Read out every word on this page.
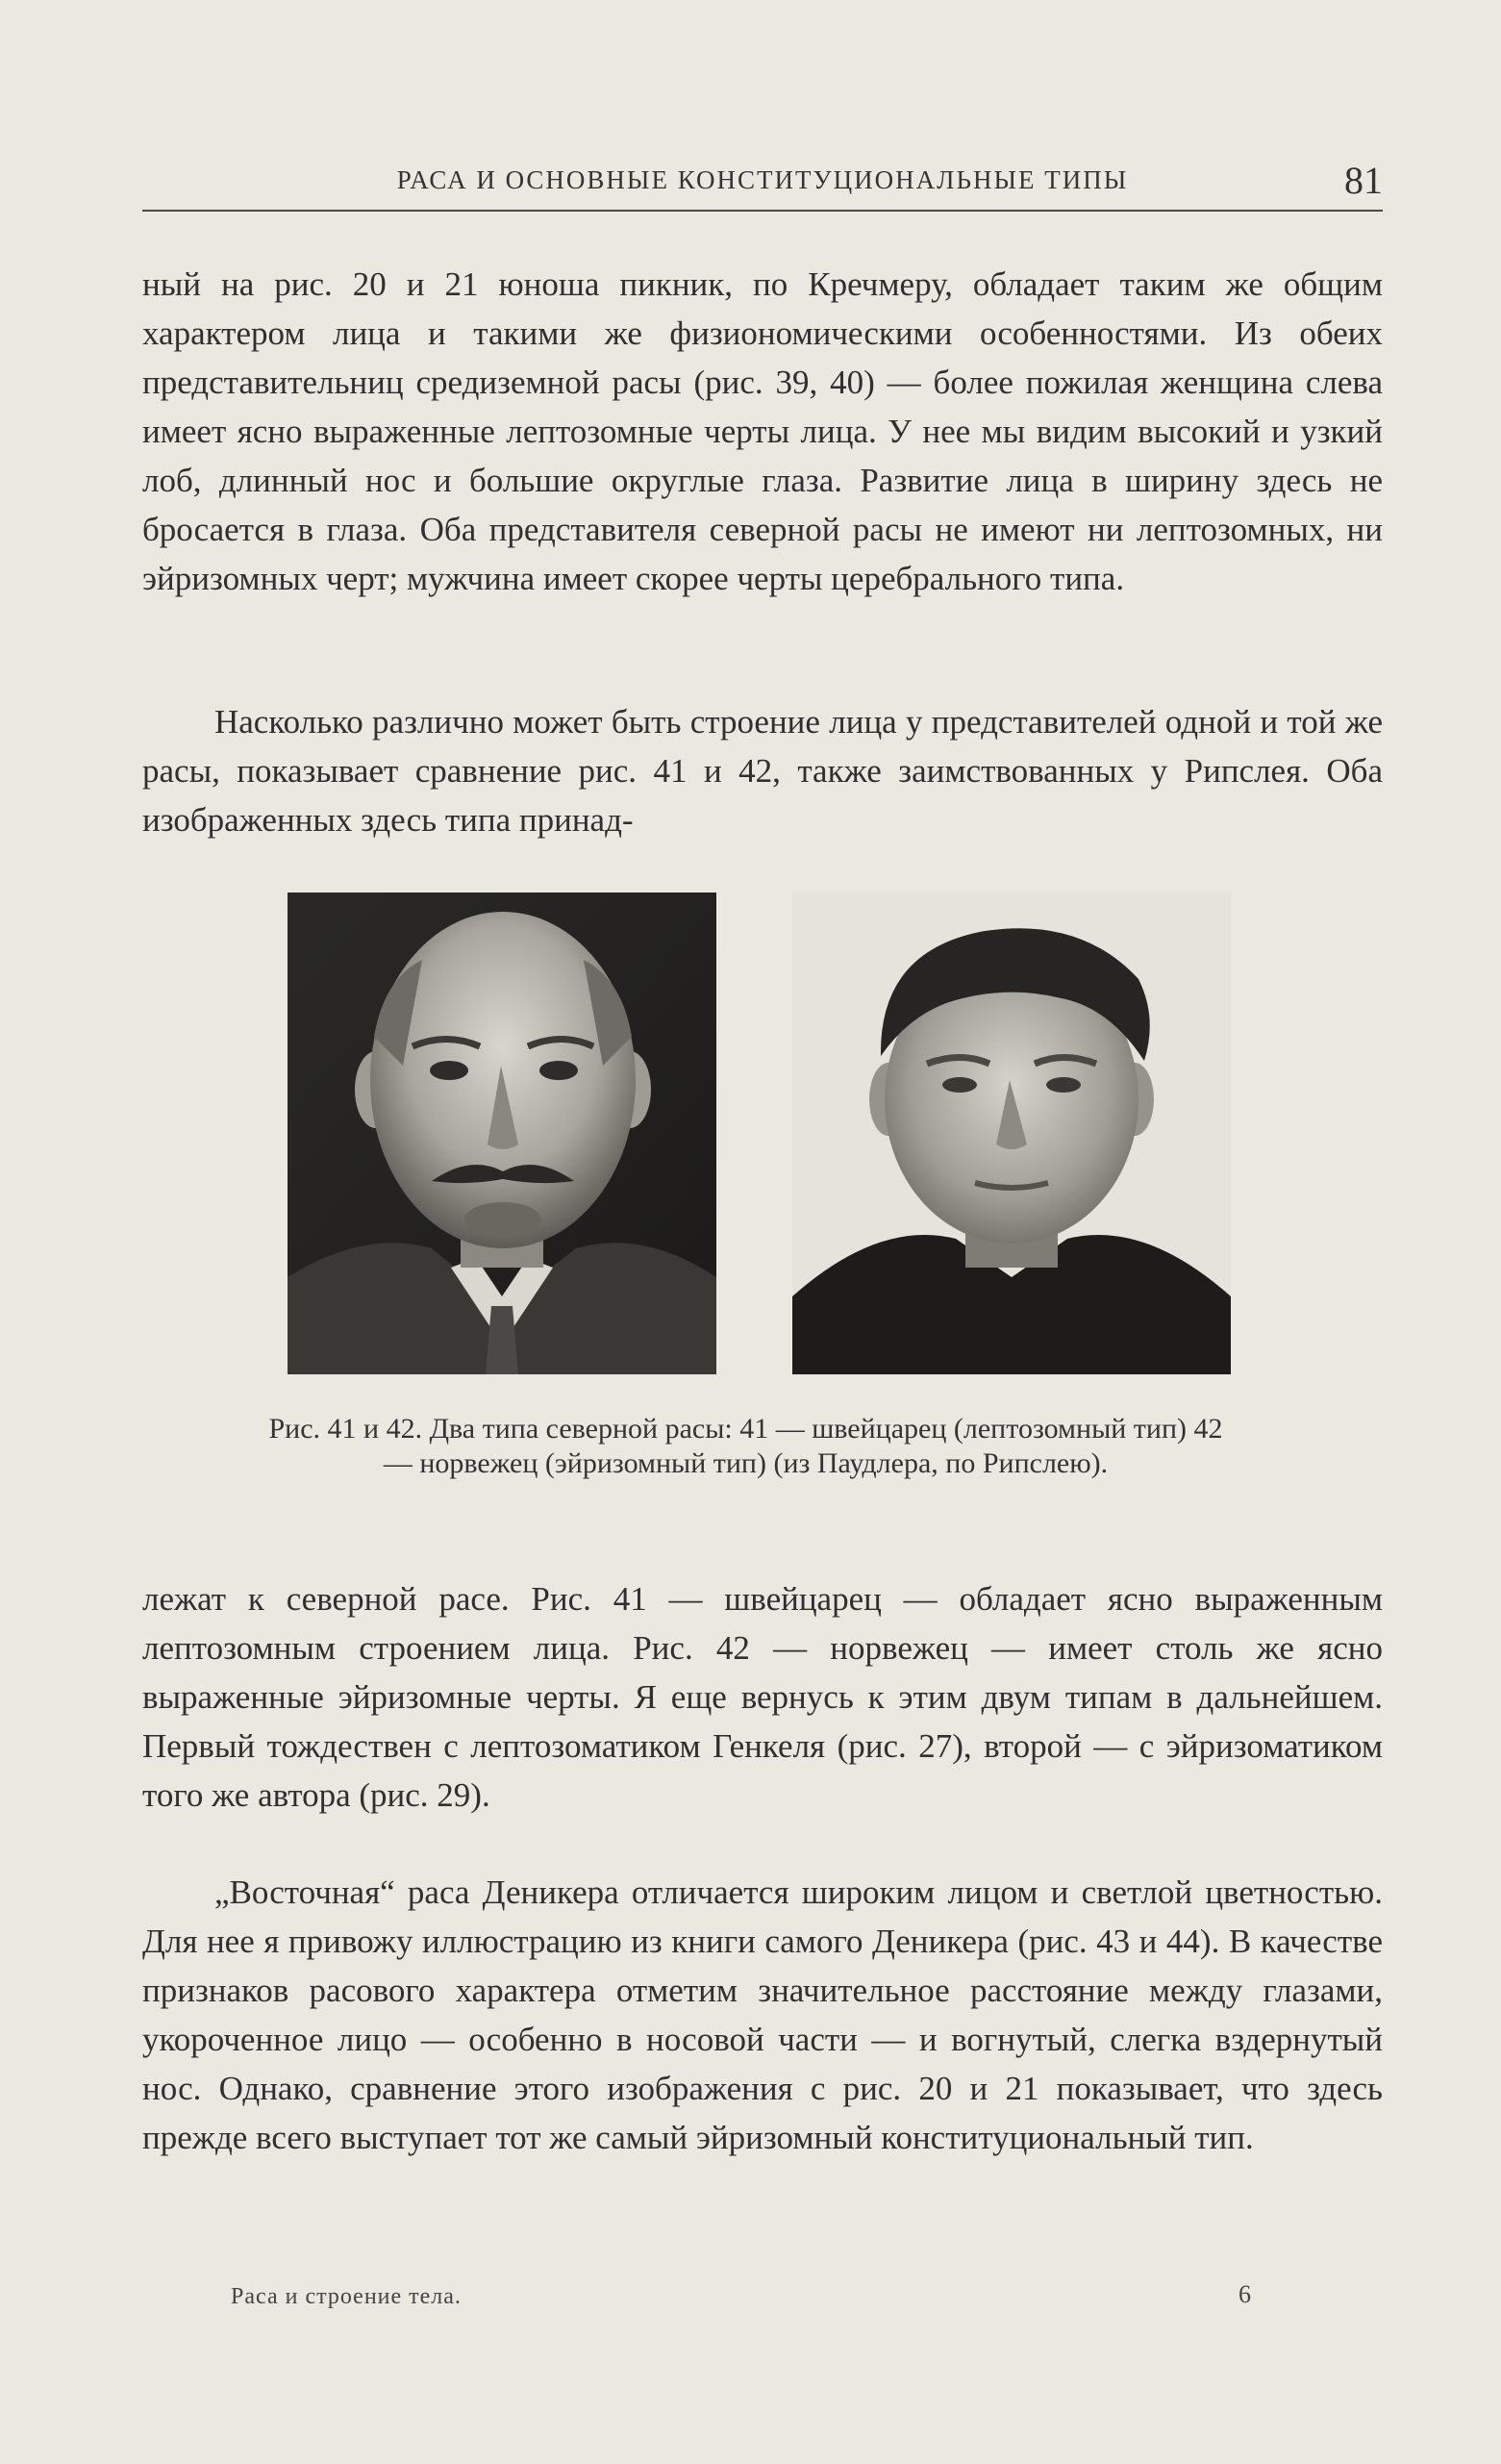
РАСА И ОСНОВНЫЕ КОНСТИТУЦИОНАЛЬНЫЕ ТИПЫ	81

ный на рис. 20 и 21 юноша пикник, по Кречмеру, обладает таким же общим характером лица и такими же физиономическими особенностями. Из обеих представительниц средиземной расы (рис. 39, 40) — более пожилая женщина слева имеет ясно выраженные лептозомные черты лица. У нее мы видим высокий и узкий лоб, длинный нос и большие округлые глаза. Развитие лица в ширину здесь не бросается в глаза. Оба представителя северной расы не имеют ни лептозомных, ни эйризомных черт; мужчина имеет скорее черты церебрального типа.

Насколько различно может быть строение лица у представителей одной и той же расы, показывает сравнение рис. 41 и 42, также заимствованных у Рипслея. Оба изображенных здесь типа принад-

Рис. 41 и 42. Два типа северной расы: 41 — швейцарец (лептозомный тип) 42 — норвежец (эйризомный тип) (из Паудлера, по Рипслею).

лежат к северной расе. Рис. 41 — швейцарец — обладает ясно выраженным лептозомным строением лица. Рис. 42 — норвежец — имеет столь же ясно выраженные эйризомные черты. Я еще вернусь к этим двум типам в дальнейшем. Первый тождествен с лептозоматиком Генкеля (рис. 27), второй — с эйризоматиком того же автора (рис. 29).

„Восточная“ раса Деникера отличается широким лицом и светлой цветностью. Для нее я привожу иллюстрацию из книги самого Деникера (рис. 43 и 44). В качестве признаков расового характера отметим значительное расстояние между глазами, укороченное лицо — особенно в носовой части — и вогнутый, слегка вздернутый нос. Однако, сравнение этого изображения с рис. 20 и 21 показывает, что здесь прежде всего выступает тот же самый эйризомный конституциональный тип.

Раса и строение тела.	6
